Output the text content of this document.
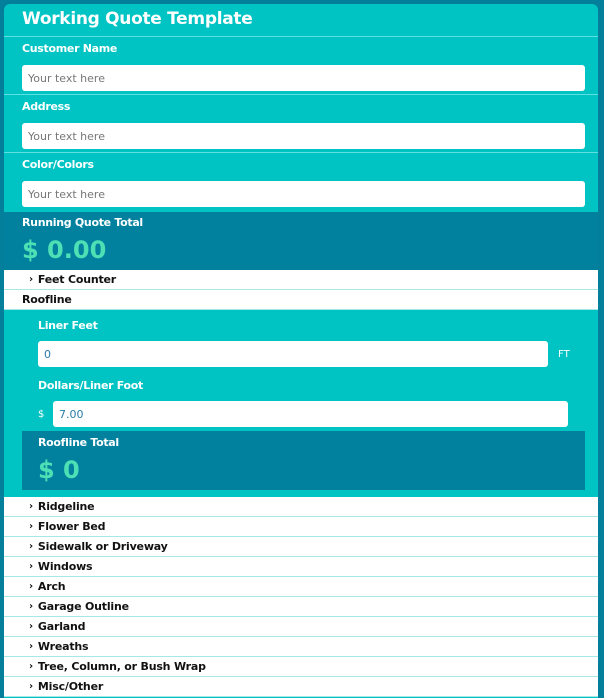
Working Quote Template
Customer Name
Your text here
Address
Your text here
Color/Colors
Your text here
Running Quote Total
$ 0.00
› Feet Counter
Roofline
Liner Feet
0	FT
Dollars/Liner Foot
$	7.00
Roofline Total
$ 0
› Ridgeline
› Flower Bed
› Sidewalk or Driveway
› Windows
› Arch
› Garage Outline
› Garland
› Wreaths
› Tree, Column, or Bush Wrap
› Misc/Other
